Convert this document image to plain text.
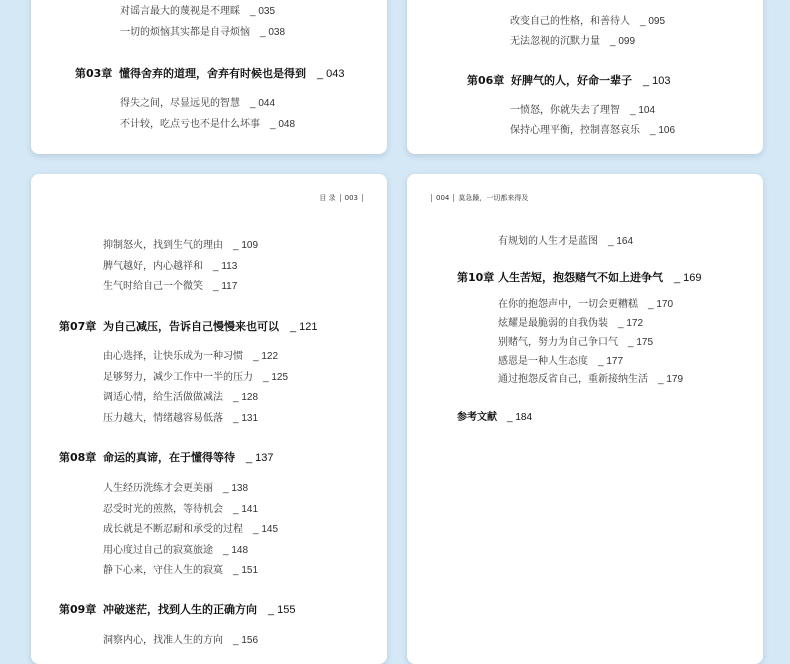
对谣言最大的蔑视是不理睬　 _ 035
一切的烦恼其实都是自寻烦恼　 _ 038
第03章 懂得舍弃的道理，舍弃有时候也是得到　 _ 043
得失之间，尽显远见的智慧　 _ 044
不计较，吃点亏也不是什么坏事　 _ 048
改变自己的性格，和善待人　 _ 095
无法忽视的沉默力量　 _ 099
第06章 好脾气的人，好命一辈子　 _ 103
一愤怒，你就失去了理智　 _ 104
保持心理平衡，控制喜怒哀乐　 _ 106
目 录 003
抑制怒火，找到生气的理由　 _ 109
脾气越好，内心越祥和　 _ 113
生气时给自己一个微笑　 _ 117
第07章 为自己减压，告诉自己慢慢来也可以　 _ 121
由心选择，让快乐成为一种习惯　 _ 122
足够努力，减少工作中一半的压力　 _ 125
调适心情，给生活做做减法　 _ 128
压力越大，情绪越容易低落　 _ 131
第08章 命运的真谛，在于懂得等待　 _ 137
人生经历洗练才会更美丽　 _ 138
忍受时光的煎熬，等待机会　 _ 141
成长就是不断忍耐和承受的过程　 _ 145
用心度过自己的寂寞旅途　 _ 148
静下心来，守住人生的寂寞　 _ 151
第09章 冲破迷茫，找到人生的正确方向　 _ 155
洞察内心，找准人生的方向　 _ 156
004 莫急躁，一切都来得及
有规划的人生才是蓝图　 _ 164
第10章 人生苦短，抱怨赌气不如上进争气　 _ 169
在你的抱怨声中，一切会更糟糕　 _ 170
炫耀是最脆弱的自我伪装　 _ 172
别赌气，努力为自己争口气　 _ 175
感恩是一种人生态度　 _ 177
通过抱怨反省自己，重新接纳生活　 _ 179
参考文献　 _ 184
